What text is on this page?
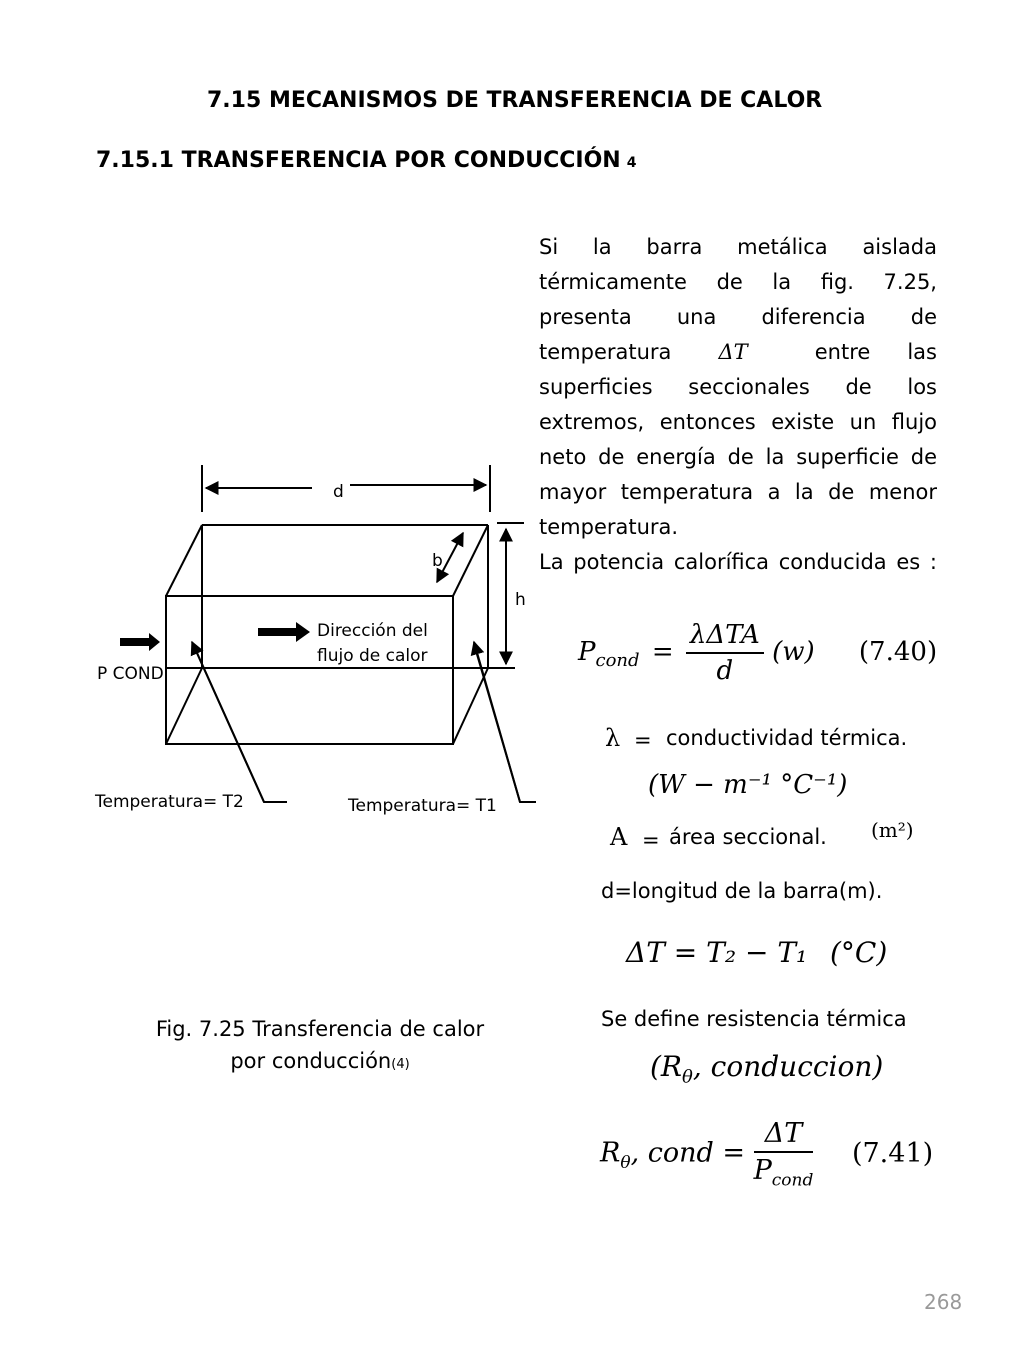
7.15 MECANISMOS DE TRANSFERENCIA DE CALOR
7.15.1 TRANSFERENCIA POR CONDUCCIÓN 4

Si la barra metálica aislada térmicamente de la fig. 7.25, presenta una diferencia de temperatura ΔT	entre las superficies seccionales de los extremos, entonces existe un flujo neto de energía de la superficie de mayor temperatura a la de menor temperatura.

La potencia calorífica conducida es :

$P_{cond} = \frac{\text{λΔTA}}{d} (w)$ (7.40)
λ = conductividad térmica.
(W − m⁻¹ °C⁻¹)
A = área seccional. (m²)
d=longitud de la barra(m).
ΔT = T₂ − T₁ (°C)
Se define resistencia térmica
($R_\theta$, conduccion)
$R_\theta$, cond = $\frac{\Delta T}{P_{cond}} (7.41)$
d
b
h
Dirección del
flujo de calor
P COND
Temperatura= T2	Temperatura= T1
Fig. 7.25 Transferencia de calor
por conducción(4)
268
